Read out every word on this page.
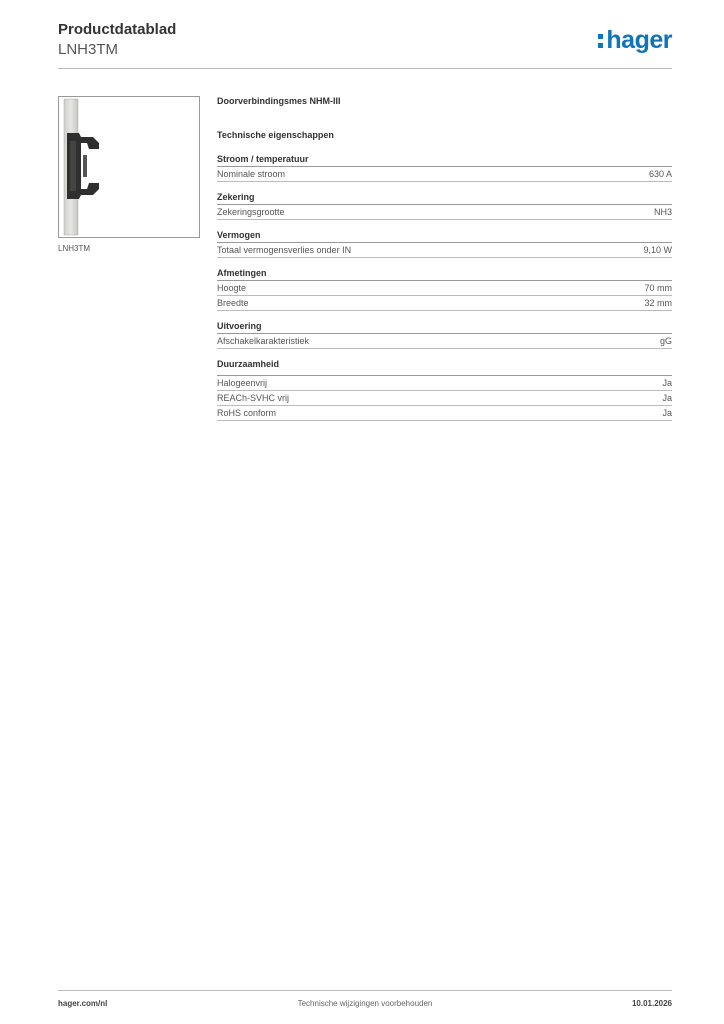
Productdatablad
LNH3TM	hager
LNH3TM
Doorverbindingsmes NHM-III
Technische eigenschappen
Stroom / temperatuur
Nominale stroom	630 A
Zekering
Zekeringsgrootte	NH3
Vermogen
Totaal vermogensverlies onder IN	9,10 W
Afmetingen
Hoogte	70 mm
Breedte	32 mm
Uitvoering
Afschakelkarakteristiek	gG
Duurzaamheid
Halogeenvrij	Ja
REACh-SVHC vrij	Ja
RoHS conform	Ja
hager.com/nl	Technische wijzigingen voorbehouden	10.01.2026
